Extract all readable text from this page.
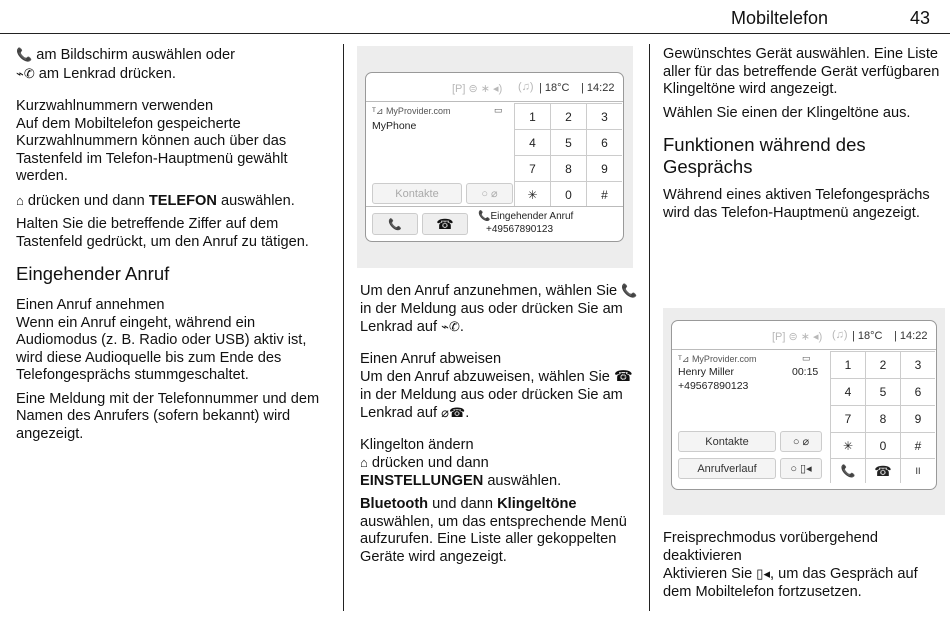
Mobiltelefon	43

📞 am Bildschirm auswählen oder
⌁✆ am Lenkrad drücken.

Kurzwahlnummern verwenden

Auf dem Mobiltelefon gespeicherte Kurzwahlnummern können auch über das Tastenfeld im Telefon-Hauptmenü gewählt werden.

⌂ drücken und dann TELEFON auswählen.

Halten Sie die betreffende Ziffer auf dem Tastenfeld gedrückt, um den Anruf zu tätigen.

Eingehender Anruf
Einen Anruf annehmen

Wenn ein Anruf eingeht, während ein Audiomodus (z. B. Radio oder USB) aktiv ist, wird diese Audioquelle bis zum Ende des Telefongesprächs stummgeschaltet.

Eine Meldung mit der Telefonnummer und dem Namen des Anrufers (sofern bekannt) wird angezeigt.

[P] ⊜ ∗ ◂) (♫) | 18°C | 14:22
ᵀ⊿ MyProvider.com	▭
MyPhone
1	2	3
4	5	6
7	8	9
✳	0	#
Kontakte	○ ⌀
📞 ☎ 📞Eingehender Anruf
+49567890123

Um den Anruf anzunehmen, wählen Sie 📞 in der Meldung aus oder drücken Sie am Lenkrad auf ⌁✆.

Einen Anruf abweisen

Um den Anruf abzuweisen, wählen Sie ☎ in der Meldung aus oder drücken Sie am Lenkrad auf ⌀☎.

Klingelton ändern

⌂ drücken und dann
EINSTELLUNGEN auswählen.

Bluetooth und dann Klingeltöne auswählen, um das entsprechende Menü aufzurufen. Eine Liste aller gekoppelten Geräte wird angezeigt.

Gewünschtes Gerät auswählen. Eine Liste aller für das betreffende Gerät verfügbaren Klingeltöne wird angezeigt.

Wählen Sie einen der Klingeltöne aus.

Funktionen während des Gesprächs

Während eines aktiven Telefongesprächs wird das Telefon-Hauptmenü angezeigt.

[P] ⊜ ∗ ◂) (♫) | 18°C | 14:22
ᵀ⊿ MyProvider.com	▭
Henry Miller	00:15
+49567890123
1	2	3
4	5	6
7	8	9
✳	0	#
Kontakte	○ ⌀
Anrufverlauf	○ ▯◂ 📞 ☎	II
Freisprechmodus vorübergehend deaktivieren

Aktivieren Sie ▯◂, um das Gespräch auf dem Mobiltelefon fortzusetzen.
